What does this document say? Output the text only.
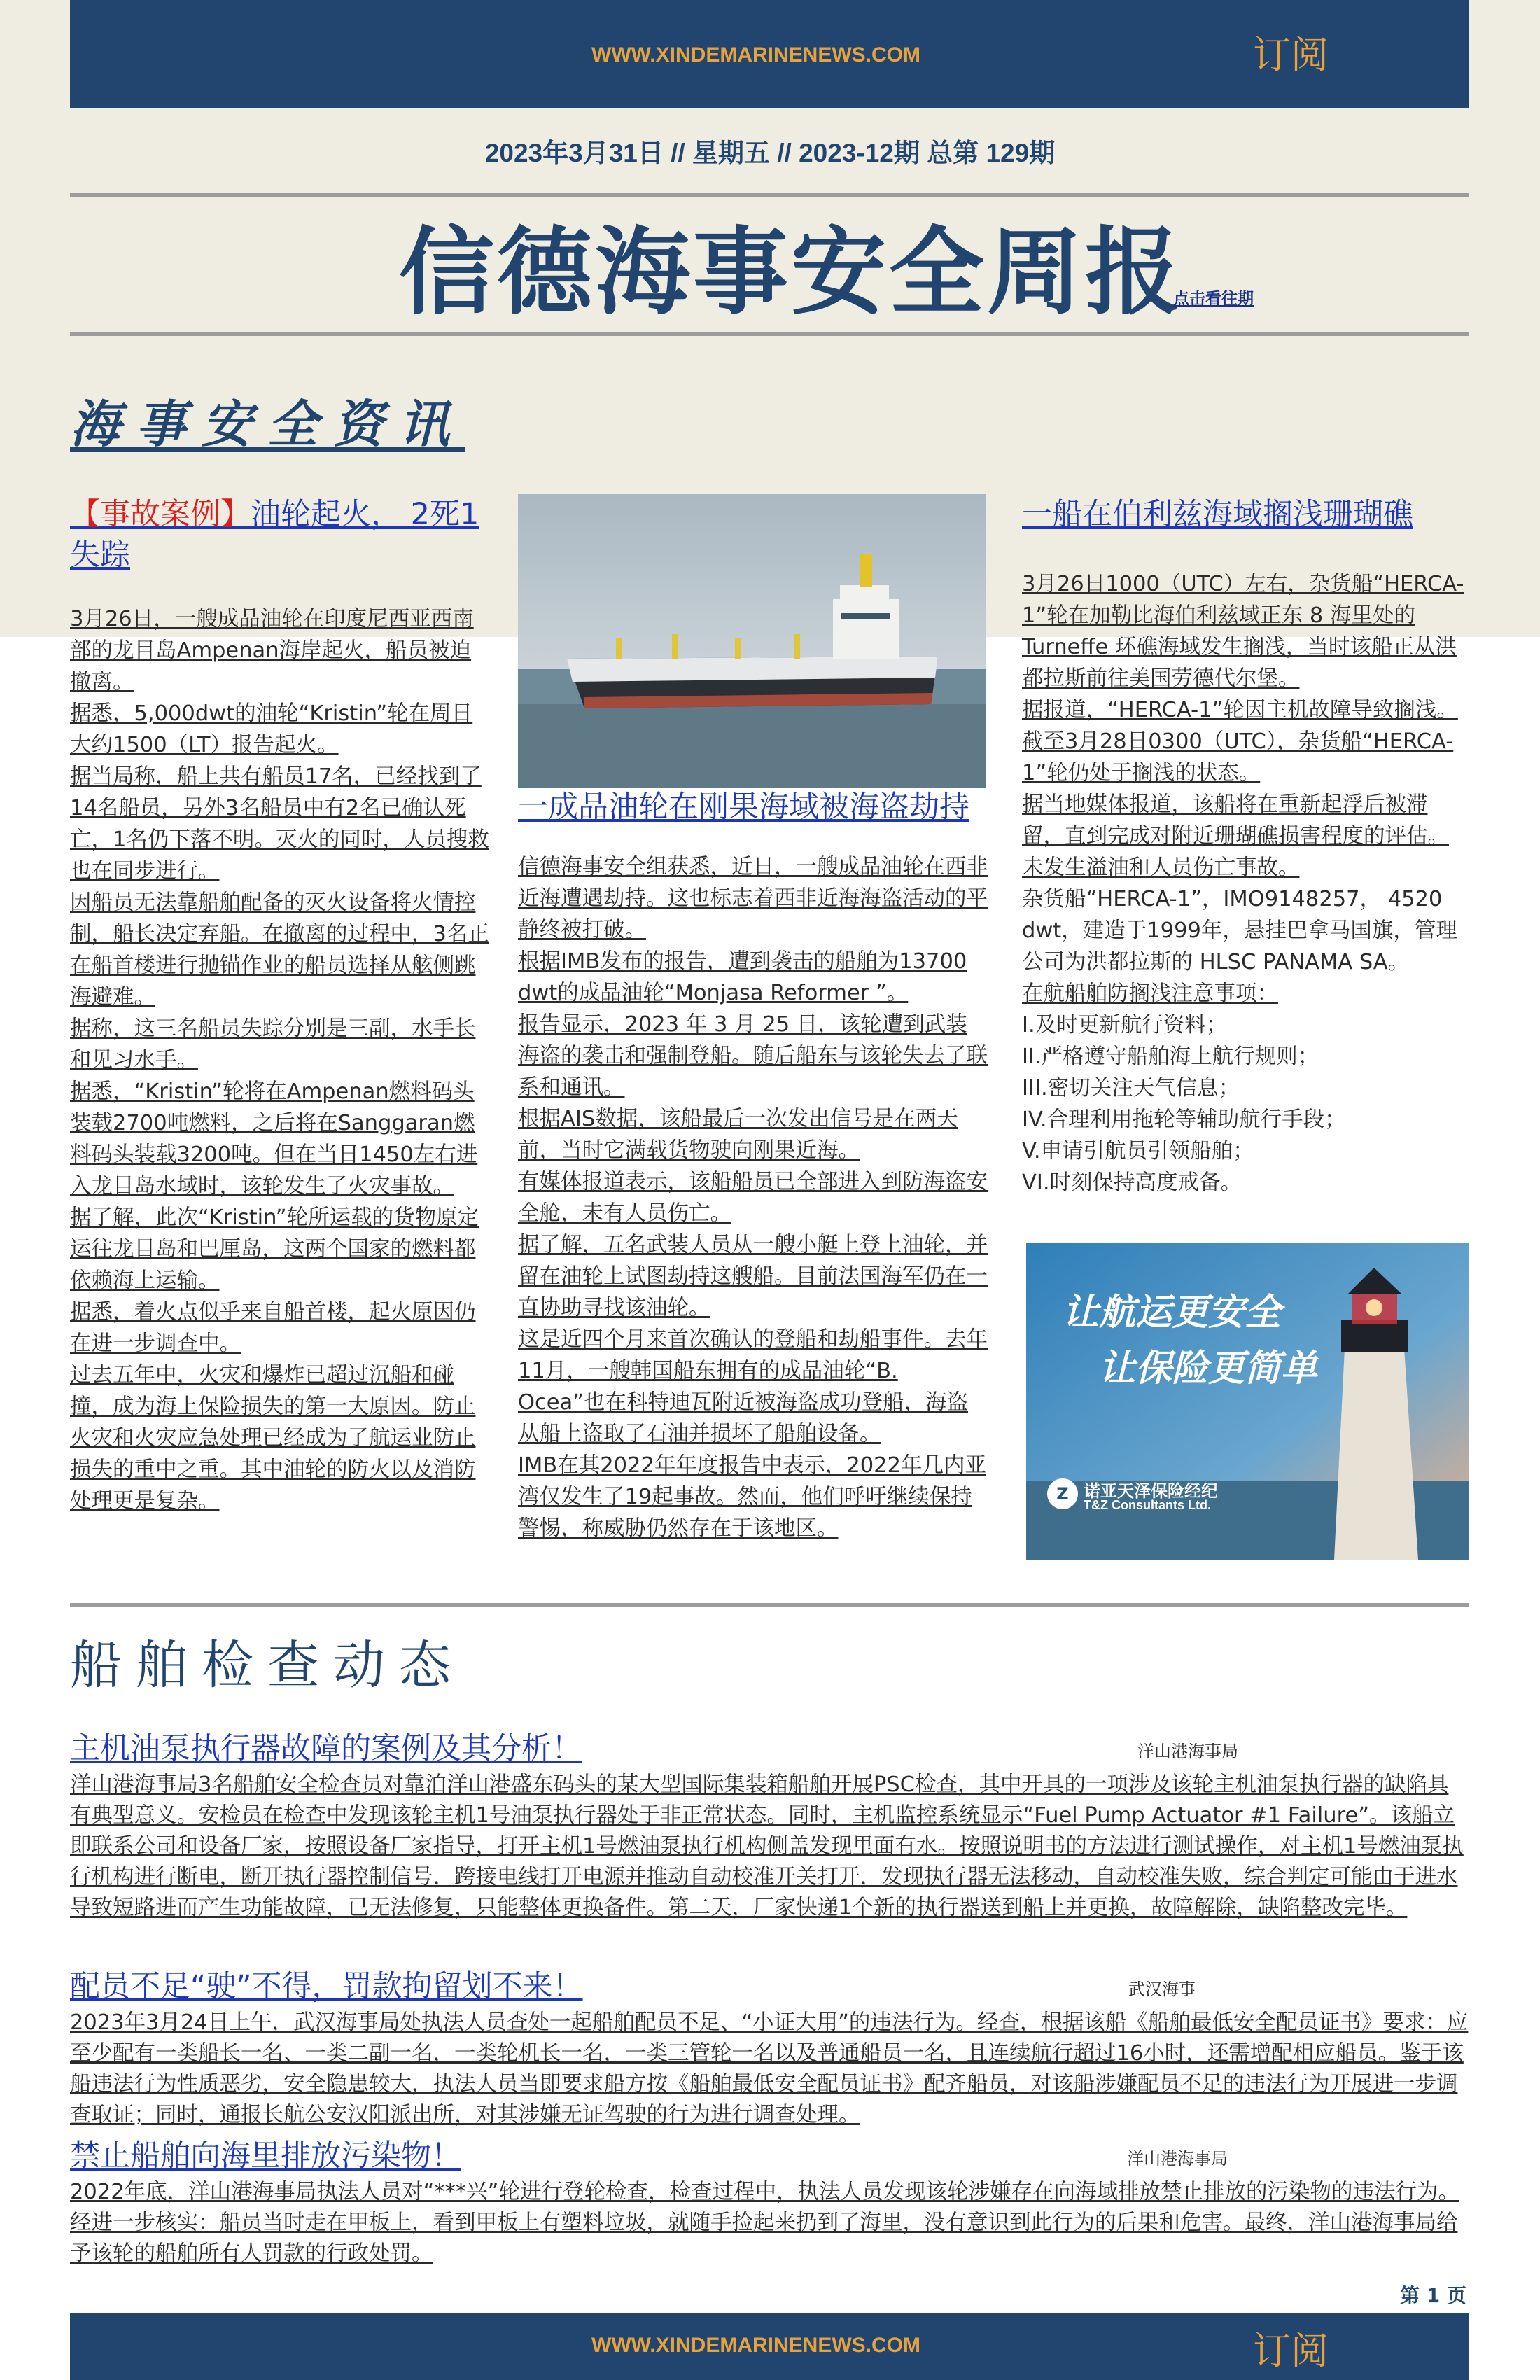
WWW.XINDEMARINENEWS.COM	订阅
2023年3月31日 // 星期五 // 2023-12期 总第 129期
信德海事安全周报
点击看往期
海事安全资讯
【事故案例】油轮起火， 2死1失踪

3月26日，一艘成品油轮在印度尼西亚西南部的龙目岛Ampenan海岸起火，船员被迫撤离。

据悉，5,000dwt的油轮“Kristin”轮在周日大约1500（LT）报告起火。

据当局称，船上共有船员17名，已经找到了14名船员，另外3名船员中有2名已确认死亡，1名仍下落不明。灭火的同时，人员搜救也在同步进行。

因船员无法靠船舶配备的灭火设备将火情控制，船长决定弃船。在撤离的过程中，3名正在船首楼进行抛锚作业的船员选择从舷侧跳海避难。

据称，这三名船员失踪分别是三副，水手长和见习水手。

据悉，“Kristin”轮将在Ampenan燃料码头装载2700吨燃料，之后将在Sanggaran燃料码头装载3200吨。但在当日1450左右进入龙目岛水域时，该轮发生了火灾事故。

据了解，此次“Kristin”轮所运载的货物原定运往龙目岛和巴厘岛，这两个国家的燃料都依赖海上运输。

据悉，着火点似乎来自船首楼，起火原因仍在进一步调查中。

过去五年中，火灾和爆炸已超过沉船和碰撞，成为海上保险损失的第一大原因。防止火灾和火灾应急处理已经成为了航运业防止损失的重中之重。其中油轮的防火以及消防处理更是复杂。

一成品油轮在刚果海域被海盗劫持

信德海事安全组获悉，近日，一艘成品油轮在西非近海遭遇劫持。这也标志着西非近海海盗活动的平静终被打破。

根据IMB发布的报告，遭到袭击的船舶为13700 dwt的成品油轮“Monjasa Reformer ”。

报告显示，2023 年 3 月 25 日，该轮遭到武装海盗的袭击和强制登船。随后船东与该轮失去了联系和通讯。

根据AIS数据，该船最后一次发出信号是在两天前，当时它满载货物驶向刚果近海。

有媒体报道表示，该船船员已全部进入到防海盗安全舱，未有人员伤亡。

据了解，五名武装人员从一艘小艇上登上油轮，并留在油轮上试图劫持这艘船。目前法国海军仍在一直协助寻找该油轮。

这是近四个月来首次确认的登船和劫船事件。去年11月，一艘韩国船东拥有的成品油轮“B. Ocea”也在科特迪瓦附近被海盗成功登船，海盗从船上盗取了石油并损坏了船舶设备。

IMB在其2022年年度报告中表示，2022年几内亚湾仅发生了19起事故。然而，他们呼吁继续保持警惕，称威胁仍然存在于该地区。

一船在伯利兹海域搁浅珊瑚礁

3月26日1000（UTC）左右，杂货船“HERCA-1”轮在加勒比海伯利兹域正东 8 海里处的 Turneffe 环礁海域发生搁浅，当时该船正从洪都拉斯前往美国劳德代尔堡。

据报道，“HERCA-1”轮因主机故障导致搁浅。截至3月28日0300（UTC），杂货船“HERCA-1”轮仍处于搁浅的状态。

据当地媒体报道，该船将在重新起浮后被滞留，直到完成对附近珊瑚礁损害程度的评估。未发生溢油和人员伤亡事故。

杂货船“HERCA-1”，IMO9148257， 4520 dwt，建造于1999年，悬挂巴拿马国旗，管理公司为洪都拉斯的 HLSC PANAMA SA。

在航船舶防搁浅注意事项：

I.及时更新航行资料；

II.严格遵守船舶海上航行规则；

III.密切关注天气信息；

IV.合理利用拖轮等辅助航行手段；

V.申请引航员引领船舶；

VI.时刻保持高度戒备。

让航运更安全
让保险更简单
Z 诺亚天泽保险经纪
T&Z Consultants Ltd.
船舶检查动态
主机油泵执行器故障的案例及其分析！	洋山港海事局
洋山港海事局3名船舶安全检查员对靠泊洋山港盛东码头的某大型国际集装箱船舶开展PSC检查，其中开具的一项涉及该轮主机油泵执行器的缺陷具有典型意义。安检员在检查中发现该轮主机1号油泵执行器处于非正常状态。同时，主机监控系统显示“Fuel Pump Actuator #1 Failure”。该船立即联系公司和设备厂家，按照设备厂家指导，打开主机1号燃油泵执行机构侧盖发现里面有水。按照说明书的方法进行测试操作，对主机1号燃油泵执行机构进行断电，断开执行器控制信号，跨接电线打开电源并推动自动校准开关打开，发现执行器无法移动，自动校准失败，综合判定可能由于进水导致短路进而产生功能故障，已无法修复，只能整体更换备件。第二天，厂家快递1个新的执行器送到船上并更换，故障解除，缺陷整改完毕。
配员不足“驶”不得，罚款拘留划不来！	武汉海事
2023年3月24日上午，武汉海事局处执法人员查处一起船舶配员不足、“小证大用”的违法行为。经查，根据该船《船舶最低安全配员证书》要求：应至少配有一类船长一名、一类二副一名，一类轮机长一名，一类三管轮一名以及普通船员一名，且连续航行超过16小时，还需增配相应船员。鉴于该船违法行为性质恶劣，安全隐患较大，执法人员当即要求船方按《船舶最低安全配员证书》配齐船员，对该船涉嫌配员不足的违法行为开展进一步调查取证；同时，通报长航公安汉阳派出所，对其涉嫌无证驾驶的行为进行调查处理。
禁止船舶向海里排放污染物！	洋山港海事局
2022年底，洋山港海事局执法人员对“***兴”轮进行登轮检查，检查过程中，执法人员发现该轮涉嫌存在向海域排放禁止排放的污染物的违法行为。经进一步核实：船员当时走在甲板上，看到甲板上有塑料垃圾，就随手捡起来扔到了海里，没有意识到此行为的后果和危害。最终，洋山港海事局给予该轮的船舶所有人罚款的行政处罚。
第 1 页
WWW.XINDEMARINENEWS.COM	订阅
